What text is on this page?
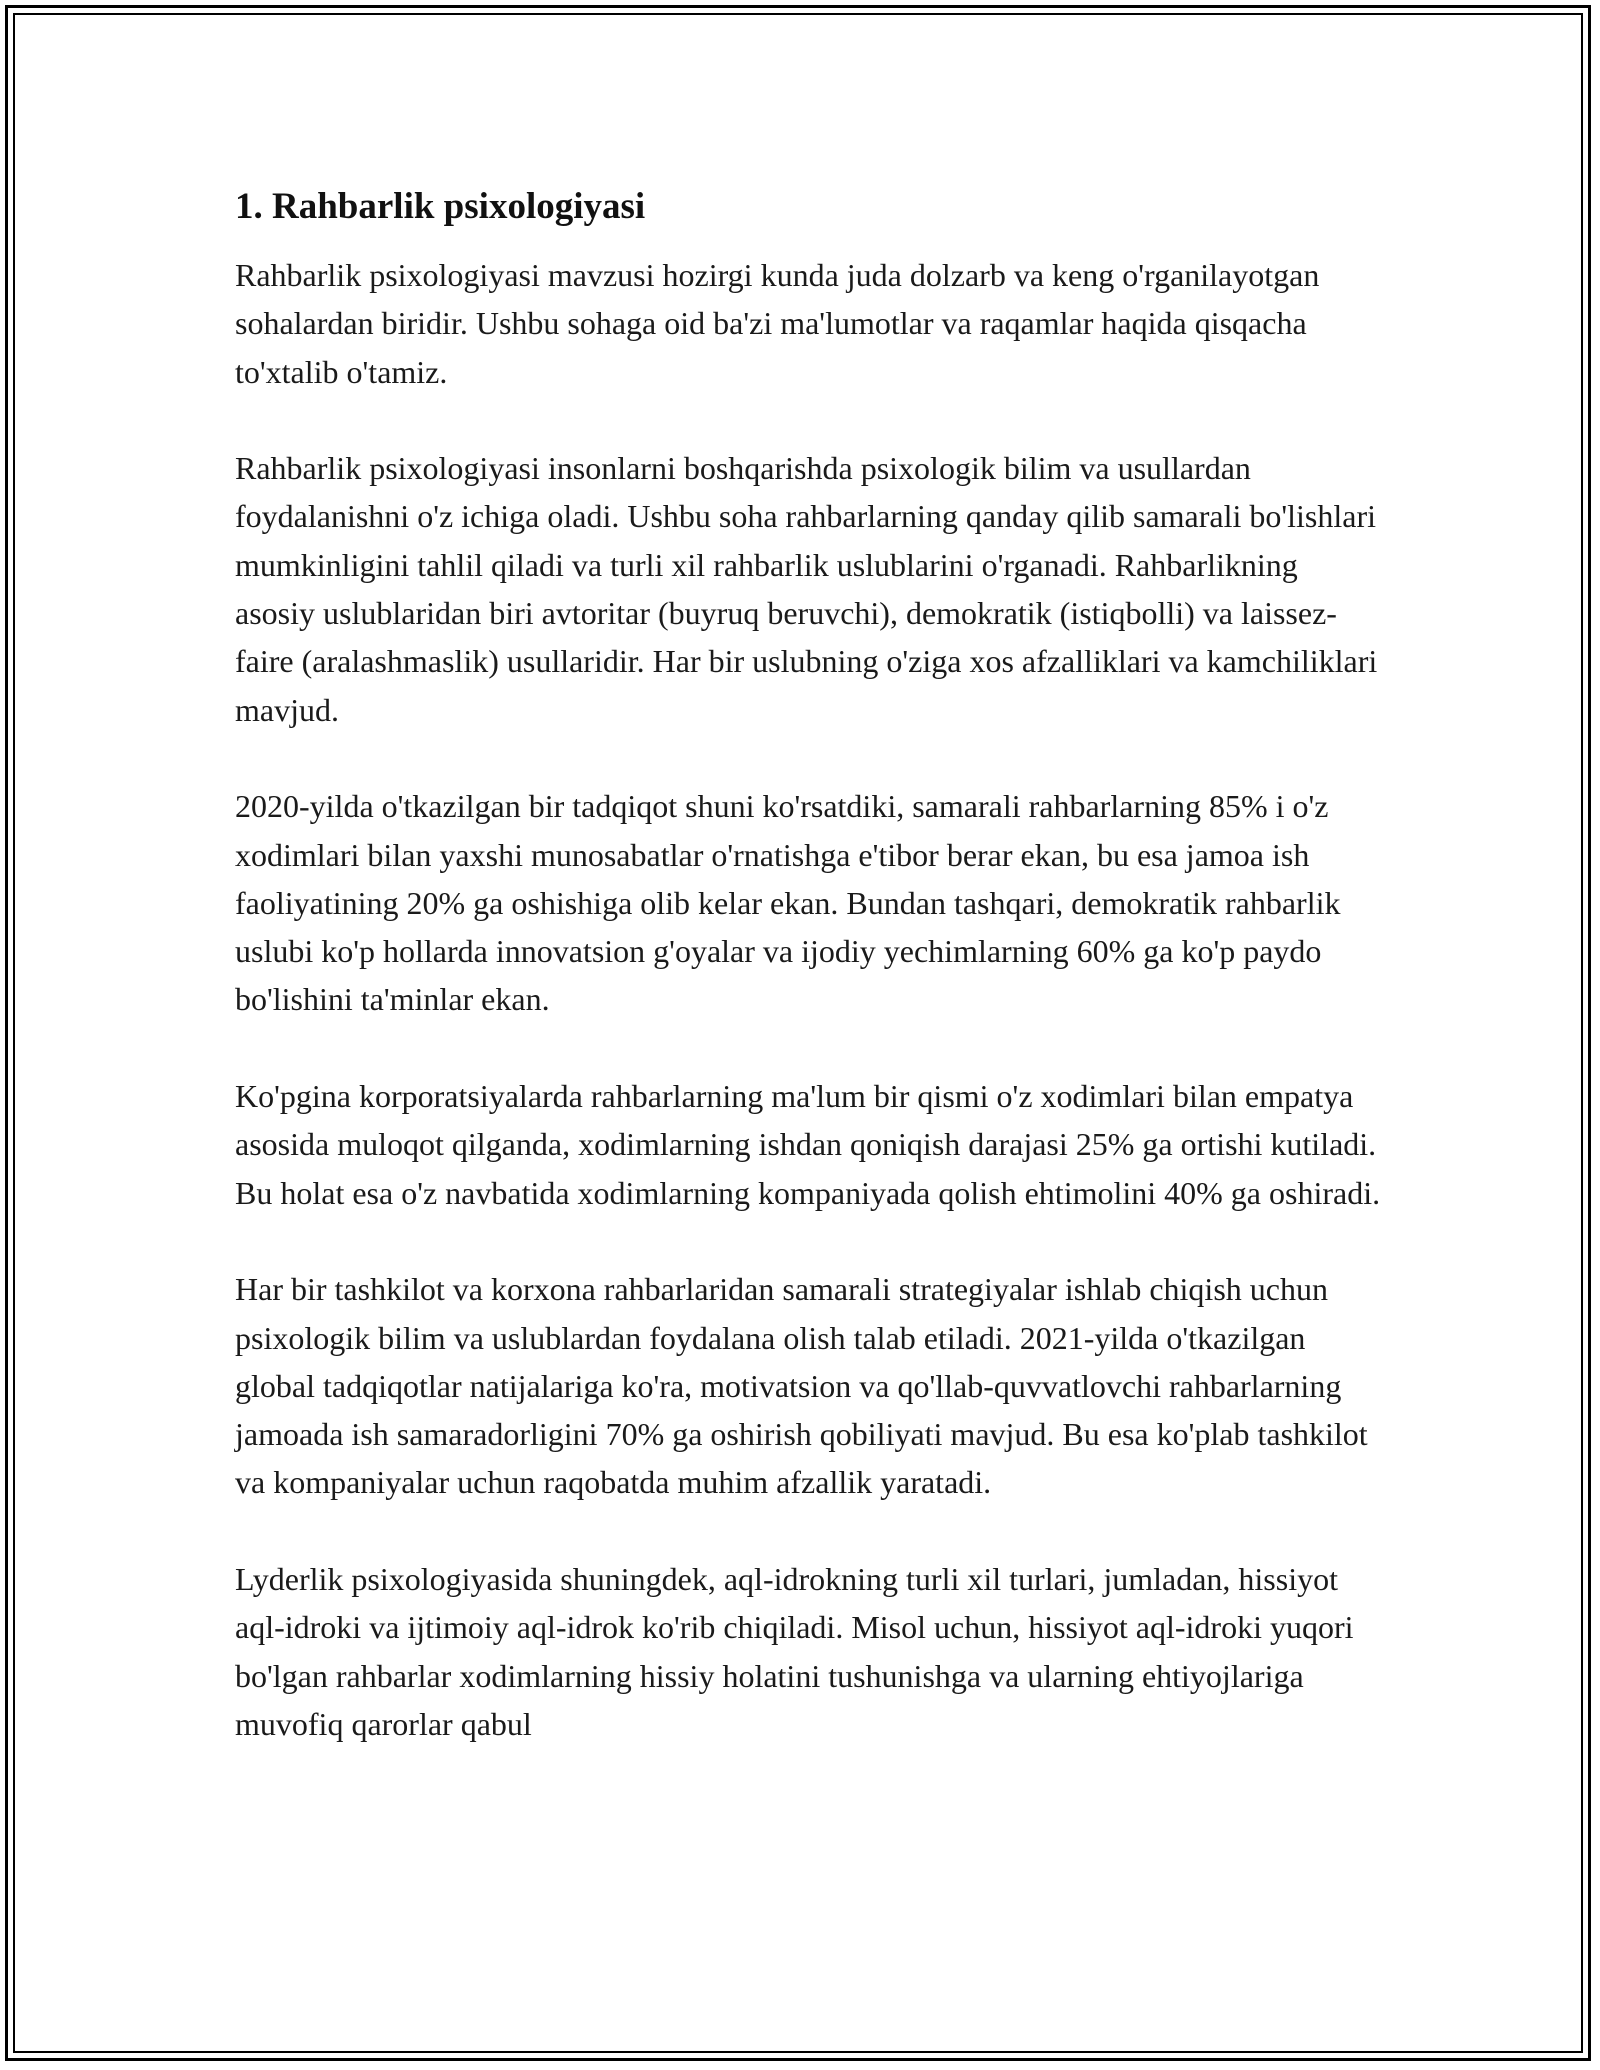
1. Rahbarlik psixologiyasi

Rahbarlik psixologiyasi mavzusi hozirgi kunda juda dolzarb va keng o'rganilayotgan sohalardan biridir. Ushbu sohaga oid ba'zi ma'lumotlar va raqamlar haqida qisqacha to'xtalib o'tamiz.

Rahbarlik psixologiyasi insonlarni boshqarishda psixologik bilim va usullardan foydalanishni o'z ichiga oladi. Ushbu soha rahbarlarning qanday qilib samarali bo'lishlari mumkinligini tahlil qiladi va turli xil rahbarlik uslublarini o'rganadi. Rahbarlikning asosiy uslublaridan biri avtoritar (buyruq beruvchi), demokratik (istiqbolli) va laissez-faire (aralashmaslik) usullaridir. Har bir uslubning o'ziga xos afzalliklari va kamchiliklari mavjud.

2020-yilda o'tkazilgan bir tadqiqot shuni ko'rsatdiki, samarali rahbarlarning 85% i o'z xodimlari bilan yaxshi munosabatlar o'rnatishga e'tibor berar ekan, bu esa jamoa ish faoliyatining 20% ga oshishiga olib kelar ekan. Bundan tashqari, demokratik rahbarlik uslubi ko'p hollarda innovatsion g'oyalar va ijodiy yechimlarning 60% ga ko'p paydo bo'lishini ta'minlar ekan.

Ko'pgina korporatsiyalarda rahbarlarning ma'lum bir qismi o'z xodimlari bilan empatya asosida muloqot qilganda, xodimlarning ishdan qoniqish darajasi 25% ga ortishi kutiladi. Bu holat esa o'z navbatida xodimlarning kompaniyada qolish ehtimolini 40% ga oshiradi.

Har bir tashkilot va korxona rahbarlaridan samarali strategiyalar ishlab chiqish uchun psixologik bilim va uslublardan foydalana olish talab etiladi. 2021-yilda o'tkazilgan global tadqiqotlar natijalariga ko'ra, motivatsion va qo'llab-quvvatlovchi rahbarlarning jamoada ish samaradorligini 70% ga oshirish qobiliyati mavjud. Bu esa ko'plab tashkilot va kompaniyalar uchun raqobatda muhim afzallik yaratadi.

Lyderlik psixologiyasida shuningdek, aql-idrokning turli xil turlari, jumladan, hissiyot aql-idroki va ijtimoiy aql-idrok ko'rib chiqiladi. Misol uchun, hissiyot aql-idroki yuqori bo'lgan rahbarlar xodimlarning hissiy holatini tushunishga va ularning ehtiyojlariga muvofiq qarorlar qabul
